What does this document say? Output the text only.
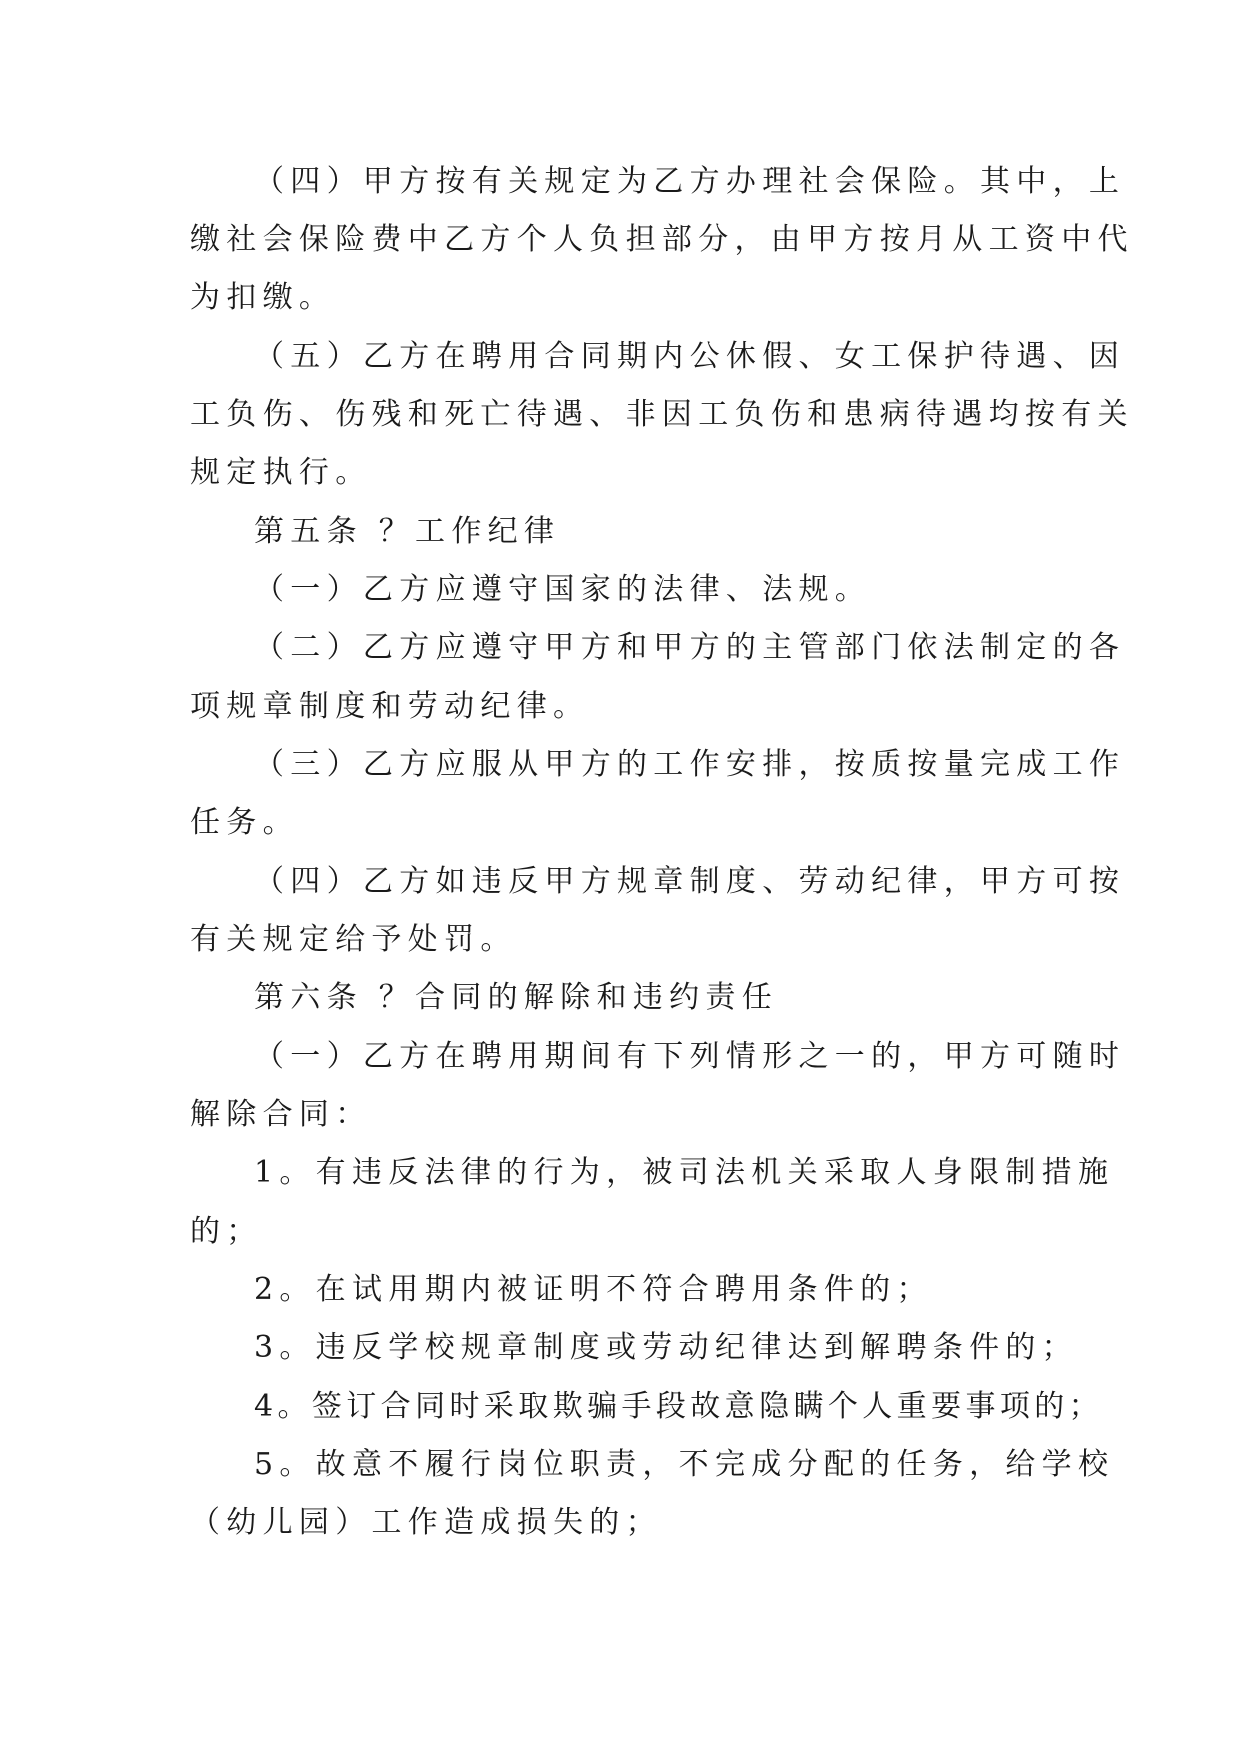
（四）甲方按有关规定为乙方办理社会保险。其中，上
缴社会保险费中乙方个人负担部分，由甲方按月从工资中代
为扣缴。
（五）乙方在聘用合同期内公休假、女工保护待遇、因
工负伤、伤残和死亡待遇、非因工负伤和患病待遇均按有关
规定执行。
第五条 ？工作纪律
（一）乙方应遵守国家的法律、法规。
（二）乙方应遵守甲方和甲方的主管部门依法制定的各
项规章制度和劳动纪律。
（三）乙方应服从甲方的工作安排，按质按量完成工作
任务。
（四）乙方如违反甲方规章制度、劳动纪律，甲方可按
有关规定给予处罚。
第六条 ？合同的解除和违约责任
（一）乙方在聘用期间有下列情形之一的，甲方可随时
解除合同：
1。有违反法律的行为，被司法机关采取人身限制措施
的；
2。在试用期内被证明不符合聘用条件的；
3。违反学校规章制度或劳动纪律达到解聘条件的；
4。签订合同时采取欺骗手段故意隐瞒个人重要事项的；
5。故意不履行岗位职责，不完成分配的任务，给学校
（幼儿园）工作造成损失的；
